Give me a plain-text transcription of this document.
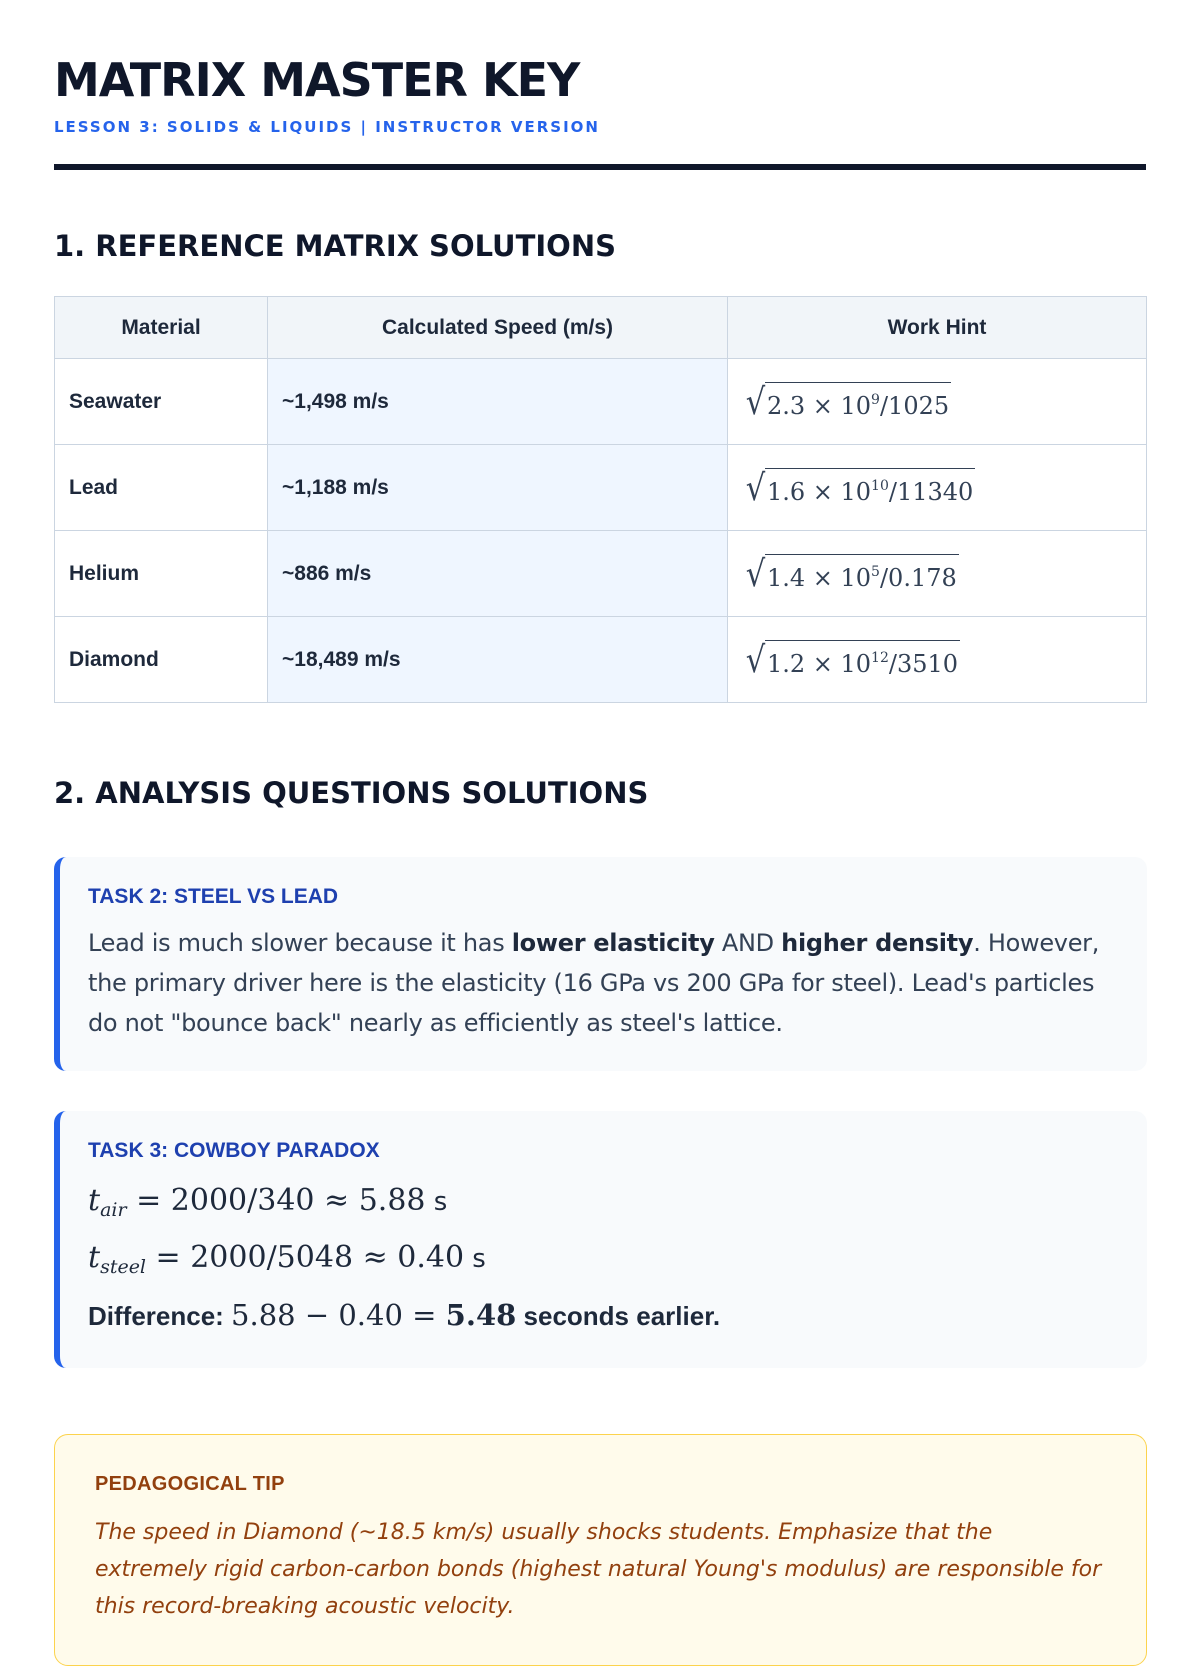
MATRIX MASTER KEY
LESSON 3: SOLIDS & LIQUIDS | INSTRUCTOR VERSION
1. REFERENCE MATRIX SOLUTIONS
Material	Calculated Speed (m/s)	Work Hint
Seawater	~1,498 m/s	√ $2.3 \times 10^9/1025$

Lead	~1,188 m/s	√ $1.6 \times 10^{10}/11340$

Helium	~886 m/s	√ $1.4 \times 10^5/0.178$

Diamond	~18,489 m/s	√ $1.2 \times 10^{12}/3510$
2. ANALYSIS QUESTIONS SOLUTIONS
TASK 2: STEEL VS LEAD
Lead is much slower because it has lower elasticity AND higher density. However, the primary driver here is the elasticity (16 GPa vs 200 GPa for steel). Lead's particles do not "bounce back" nearly as efficiently as steel's lattice.
TASK 3: COWBOY PARADOX
$t_{air} = 2000/340 \approx 5.88$ s
$t_{steel} = 2000/5048 \approx 0.40$ s
Difference: 5.88 − 0.40 = 5.48 seconds earlier.
PEDAGOGICAL TIP
The speed in Diamond (~18.5 km/s) usually shocks students. Emphasize that the extremely rigid carbon-carbon bonds (highest natural Young's modulus) are responsible for this record-breaking acoustic velocity.
